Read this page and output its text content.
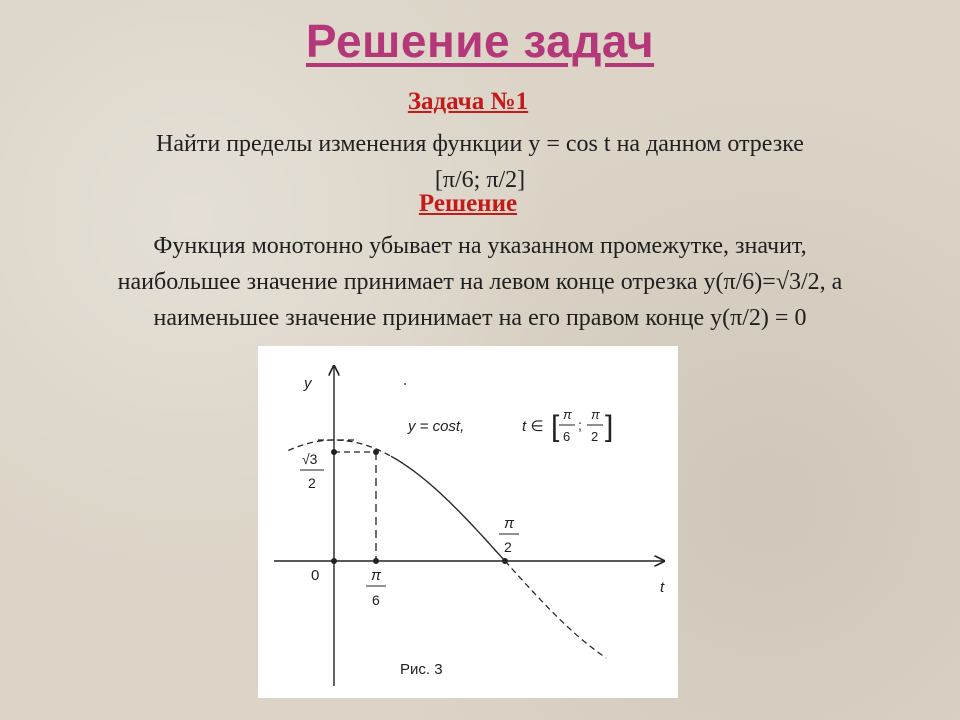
Решение задач
Задача №1

Найти пределы изменения функции y = cos t на данном отрезке
[π/6; π/2]

Решение

Функция монотонно убывает на указанном промежутке, значит,
наибольшее значение принимает на левом конце отрезка y(π/6)=√3/2, а
наименьшее значение принимает на его правом конце y(π/2) = 0

y
t
0
√3
2
π
6
π
2
y = cost,	t ∈ [ π
6
;
π
2 ]
Рис. 3
